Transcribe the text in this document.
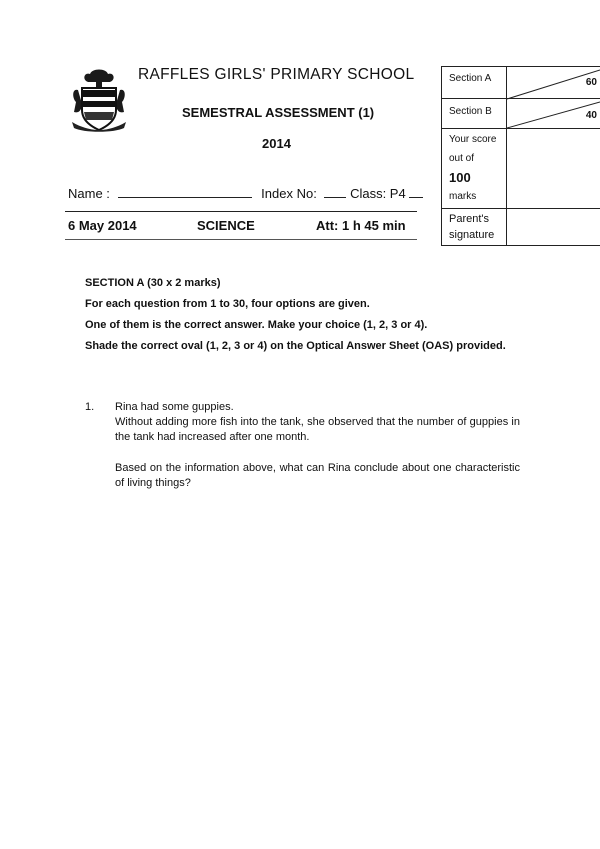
RAFFLES GIRLS' PRIMARY SCHOOL
SEMESTRAL ASSESSMENT (1)
2014
Name :	Index No:	Class: P4
6 May 2014	SCIENCE	Att: 1 h 45 min
Section A	60
Section B	40
Your score
out of
100
marks
Parent's
signature
SECTION A (30 x 2 marks)
For each question from 1 to 30, four options are given.
One of them is the correct answer. Make your choice (1, 2, 3 or 4).
Shade the correct oval (1, 2, 3 or 4) on the Optical Answer Sheet (OAS) provided.
1. Rina had some guppies.
Without adding more fish into the tank, she observed that the number of guppies in the tank had increased after one month.
Based on the information above, what can Rina conclude about one characteristic of living things?
